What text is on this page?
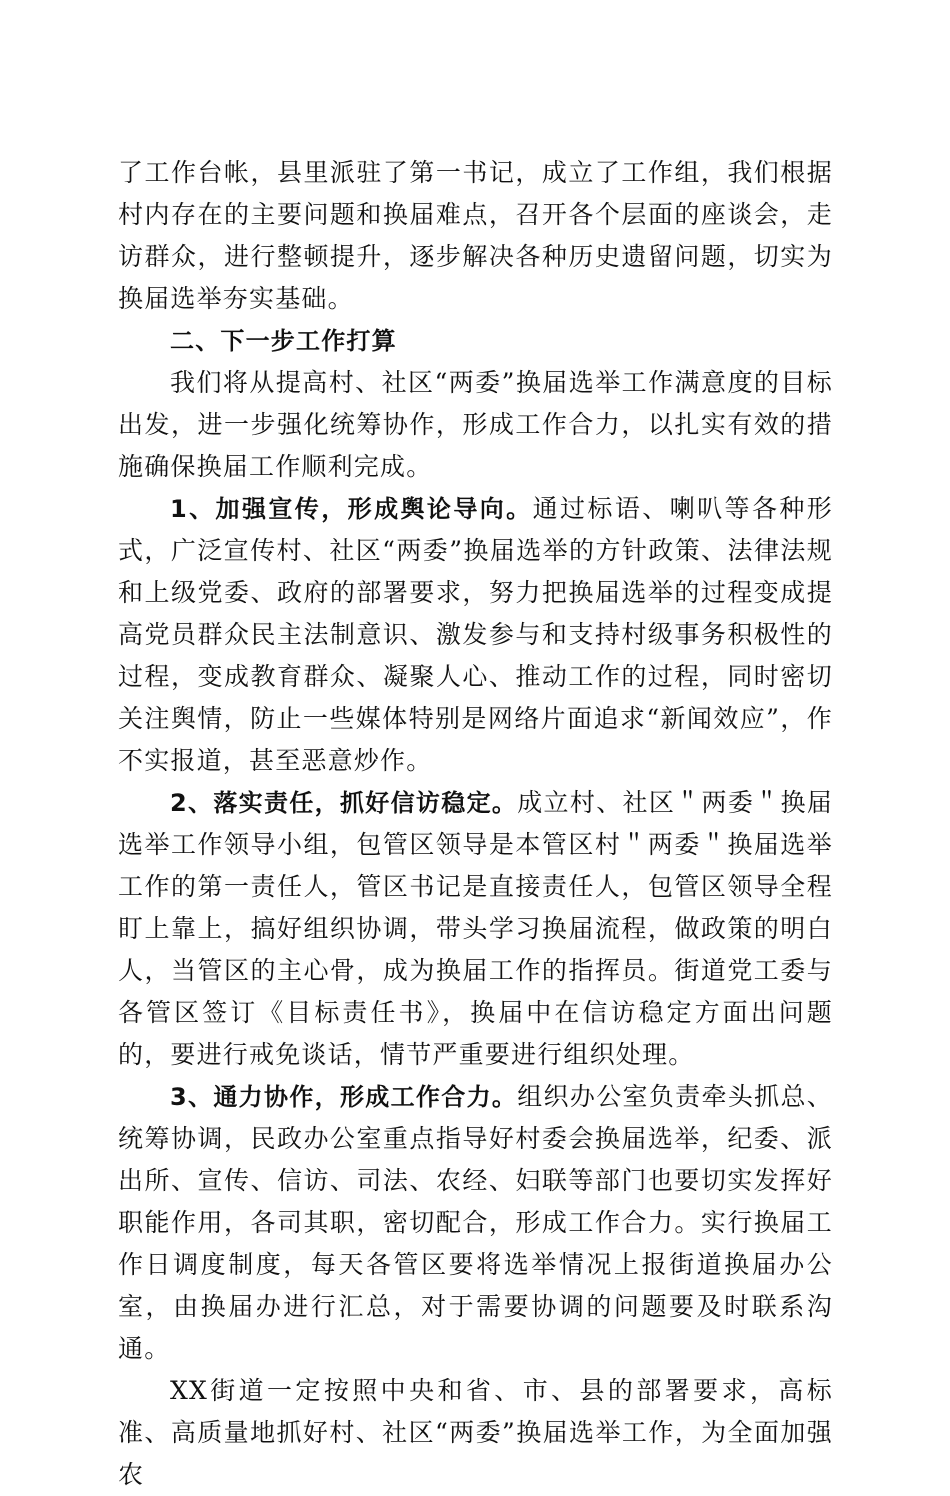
了工作台帐，县里派驻了第一书记，成立了工作组，我们根据村内存在的主要问题和换届难点，召开各个层面的座谈会，走访群众，进行整顿提升，逐步解决各种历史遗留问题，切实为换届选举夯实基础。

二、下一步工作打算

我们将从提高村、社区“两委”换届选举工作满意度的目标出发，进一步强化统筹协作，形成工作合力，以扎实有效的措施确保换届工作顺利完成。

1、加强宣传，形成舆论导向。通过标语、喇叭等各种形式，广泛宣传村、社区“两委”换届选举的方针政策、法律法规和上级党委、政府的部署要求，努力把换届选举的过程变成提高党员群众民主法制意识、激发参与和支持村级事务积极性的过程，变成教育群众、凝聚人心、推动工作的过程，同时密切关注舆情，防止一些媒体特别是网络片面追求“新闻效应”，作不实报道，甚至恶意炒作。

2、落实责任，抓好信访稳定。成立村、社区＂两委＂换届选举工作领导小组，包管区领导是本管区村＂两委＂换届选举工作的第一责任人，管区书记是直接责任人，包管区领导全程盯上靠上，搞好组织协调，带头学习换届流程，做政策的明白人，当管区的主心骨，成为换届工作的指挥员。街道党工委与各管区签订《目标责任书》，换届中在信访稳定方面出问题的，要进行戒免谈话，情节严重要进行组织处理。

3、通力协作，形成工作合力。组织办公室负责牵头抓总、统筹协调，民政办公室重点指导好村委会换届选举，纪委、派出所、宣传、信访、司法、农经、妇联等部门也要切实发挥好职能作用，各司其职，密切配合，形成工作合力。实行换届工作日调度制度，每天各管区要将选举情况上报街道换届办公室，由换届办进行汇总，对于需要协调的问题要及时联系沟通。

XX街道一定按照中央和省、市、县的部署要求，高标准、高质量地抓好村、社区“两委”换届选举工作，为全面加强农
